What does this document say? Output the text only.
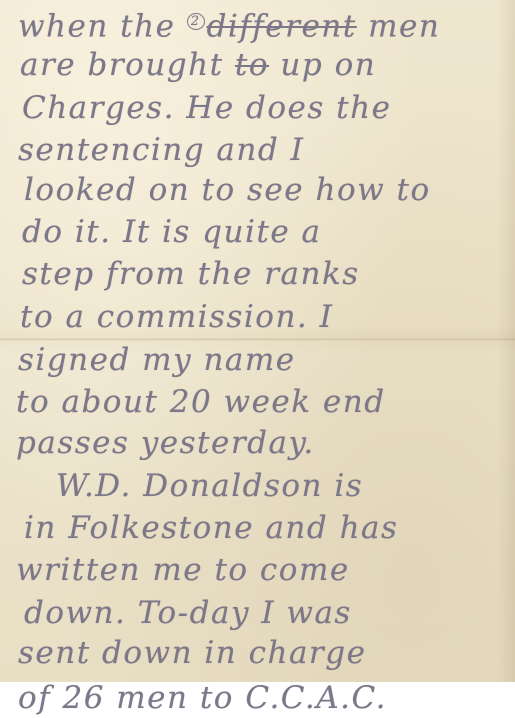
when the $^2$ different men
are brought to up on
Charges. He does the
sentencing and I
looked on to see how to
do it. It is quite a
step from the ranks
to a commission. I
signed my name
to about 20 week end
passes yesterday.
W.D. Donaldson is
in Folkestone and has
written me to come
down. To-day I was
sent down in charge
of 26 men to C.C.A.C.
